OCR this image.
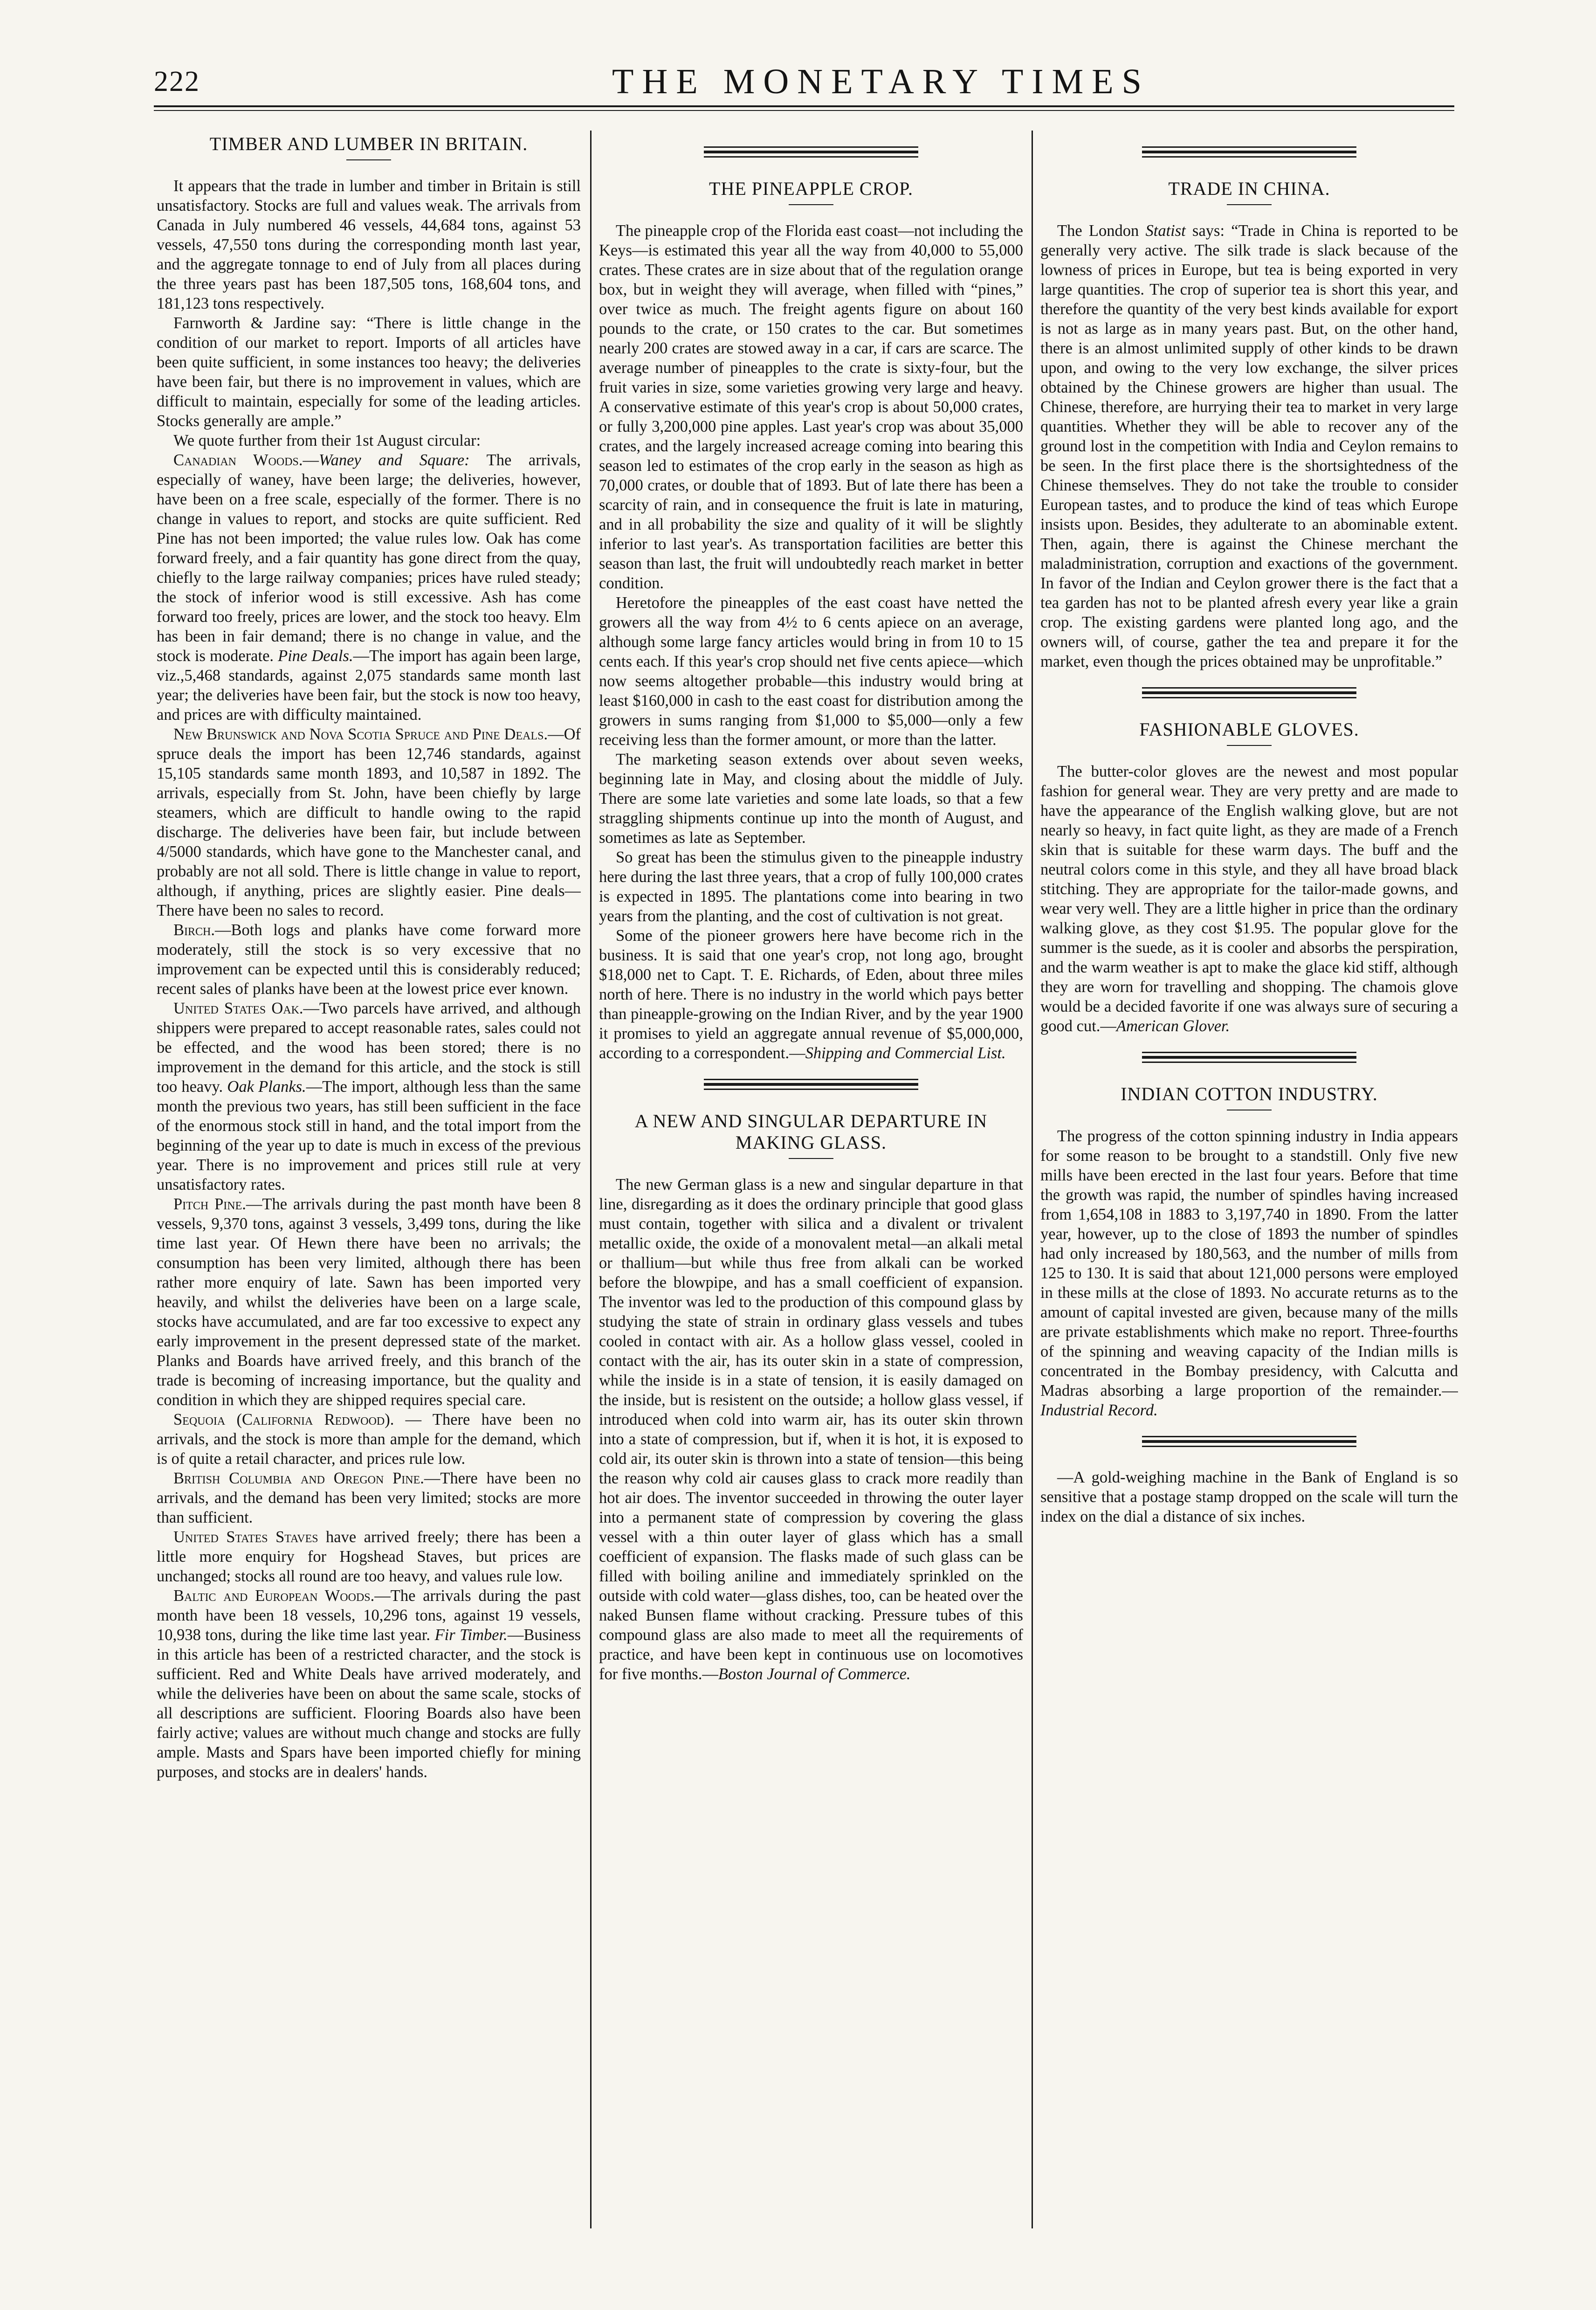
222	THE MONETARY TIMES
TIMBER AND LUMBER IN BRITAIN.

It appears that the trade in lumber and timber in Britain is still unsatisfactory. Stocks are full and values weak. The arrivals from Canada in July numbered 46 vessels, 44,684 tons, against 53 vessels, 47,550 tons during the corresponding month last year, and the aggregate tonnage to end of July from all places during the three years past has been 187,505 tons, 168,604 tons, and 181,123 tons respectively.

Farnworth & Jardine say: “There is little change in the condition of our market to report. Imports of all articles have been quite sufficient, in some instances too heavy; the deliveries have been fair, but there is no improvement in values, which are difficult to maintain, especially for some of the leading articles. Stocks generally are ample.”

We quote further from their 1st August circular:

Canadian Woods.—Waney and Square: The arrivals, especially of waney, have been large; the deliveries, however, have been on a free scale, especially of the former. There is no change in values to report, and stocks are quite sufficient. Red Pine has not been imported; the value rules low. Oak has come forward freely, and a fair quantity has gone direct from the quay, chiefly to the large railway companies; prices have ruled steady; the stock of inferior wood is still excessive. Ash has come forward too freely, prices are lower, and the stock too heavy. Elm has been in fair demand; there is no change in value, and the stock is moderate. Pine Deals.—The import has again been large, viz.,5,468 standards, against 2,075 standards same month last year; the deliveries have been fair, but the stock is now too heavy, and prices are with difficulty maintained.

New Brunswick and Nova Scotia Spruce and Pine Deals.—Of spruce deals the import has been 12,746 standards, against 15,105 standards same month 1893, and 10,587 in 1892. The arrivals, especially from St. John, have been chiefly by large steamers, which are difficult to handle owing to the rapid discharge. The deliveries have been fair, but include between 4/5000 standards, which have gone to the Manchester canal, and probably are not all sold. There is little change in value to report, although, if anything, prices are slightly easier. Pine deals—There have been no sales to record.

Birch.—Both logs and planks have come forward more moderately, still the stock is so very excessive that no improvement can be expected until this is considerably reduced; recent sales of planks have been at the lowest price ever known.

United States Oak.—Two parcels have arrived, and although shippers were prepared to accept reasonable rates, sales could not be effected, and the wood has been stored; there is no improvement in the demand for this article, and the stock is still too heavy. Oak Planks.—The import, although less than the same month the previous two years, has still been sufficient in the face of the enormous stock still in hand, and the total import from the beginning of the year up to date is much in excess of the previous year. There is no improvement and prices still rule at very unsatisfactory rates.

Pitch Pine.—The arrivals during the past month have been 8 vessels, 9,370 tons, against 3 vessels, 3,499 tons, during the like time last year. Of Hewn there have been no arrivals; the consumption has been very limited, although there has been rather more enquiry of late. Sawn has been imported very heavily, and whilst the deliveries have been on a large scale, stocks have accumulated, and are far too excessive to expect any early improvement in the present depressed state of the market. Planks and Boards have arrived freely, and this branch of the trade is becoming of increasing importance, but the quality and condition in which they are shipped requires special care.

Sequoia (California Redwood). — There have been no arrivals, and the stock is more than ample for the demand, which is of quite a retail character, and prices rule low.

British Columbia and Oregon Pine.—There have been no arrivals, and the demand has been very limited; stocks are more than sufficient.

United States Staves have arrived freely; there has been a little more enquiry for Hogshead Staves, but prices are unchanged; stocks all round are too heavy, and values rule low.

Baltic and European Woods.—The arrivals during the past month have been 18 vessels, 10,296 tons, against 19 vessels, 10,938 tons, during the like time last year. Fir Timber.—Business in this article has been of a restricted character, and the stock is sufficient. Red and White Deals have arrived moderately, and while the deliveries have been on about the same scale, stocks of all descriptions are sufficient. Flooring Boards also have been fairly active; values are without much change and stocks are fully ample. Masts and Spars have been imported chiefly for mining purposes, and stocks are in dealers' hands.

THE PINEAPPLE CROP.

The pineapple crop of the Florida east coast—not including the Keys—is estimated this year all the way from 40,000 to 55,000 crates. These crates are in size about that of the regulation orange box, but in weight they will average, when filled with “pines,” over twice as much. The freight agents figure on about 160 pounds to the crate, or 150 crates to the car. But sometimes nearly 200 crates are stowed away in a car, if cars are scarce. The average number of pineapples to the crate is sixty-four, but the fruit varies in size, some varieties growing very large and heavy. A conservative estimate of this year's crop is about 50,000 crates, or fully 3,200,000 pine apples. Last year's crop was about 35,000 crates, and the largely increased acreage coming into bearing this season led to estimates of the crop early in the season as high as 70,000 crates, or double that of 1893. But of late there has been a scarcity of rain, and in consequence the fruit is late in maturing, and in all probability the size and quality of it will be slightly inferior to last year's. As transportation facilities are better this season than last, the fruit will undoubtedly reach market in better condition.

Heretofore the pineapples of the east coast have netted the growers all the way from 4½ to 6 cents apiece on an average, although some large fancy articles would bring in from 10 to 15 cents each. If this year's crop should net five cents apiece—which now seems altogether probable—this industry would bring at least $160,000 in cash to the east coast for distribution among the growers in sums ranging from $1,000 to $5,000—only a few receiving less than the former amount, or more than the latter.

The marketing season extends over about seven weeks, beginning late in May, and closing about the middle of July. There are some late varieties and some late loads, so that a few straggling shipments continue up into the month of August, and sometimes as late as September.

So great has been the stimulus given to the pineapple industry here during the last three years, that a crop of fully 100,000 crates is expected in 1895. The plantations come into bearing in two years from the planting, and the cost of cultivation is not great.

Some of the pioneer growers here have become rich in the business. It is said that one year's crop, not long ago, brought $18,000 net to Capt. T. E. Richards, of Eden, about three miles north of here. There is no industry in the world which pays better than pineapple-growing on the Indian River, and by the year 1900 it promises to yield an aggregate annual revenue of $5,000,000, according to a correspondent.—Shipping and Commercial List.

A NEW AND SINGULAR DEPARTURE IN MAKING GLASS.

The new German glass is a new and singular departure in that line, disregarding as it does the ordinary principle that good glass must contain, together with silica and a divalent or trivalent metallic oxide, the oxide of a monovalent metal—an alkali metal or thallium—but while thus free from alkali can be worked before the blowpipe, and has a small coefficient of expansion. The inventor was led to the production of this compound glass by studying the state of strain in ordinary glass vessels and tubes cooled in contact with air. As a hollow glass vessel, cooled in contact with the air, has its outer skin in a state of compression, while the inside is in a state of tension, it is easily damaged on the inside, but is resistent on the outside; a hollow glass vessel, if introduced when cold into warm air, has its outer skin thrown into a state of compression, but if, when it is hot, it is exposed to cold air, its outer skin is thrown into a state of tension—this being the reason why cold air causes glass to crack more readily than hot air does. The inventor succeeded in throwing the outer layer into a permanent state of compression by covering the glass vessel with a thin outer layer of glass which has a small coefficient of expansion. The flasks made of such glass can be filled with boiling aniline and immediately sprinkled on the outside with cold water—glass dishes, too, can be heated over the naked Bunsen flame without cracking. Pressure tubes of this compound glass are also made to meet all the requirements of practice, and have been kept in continuous use on locomotives for five months.—Boston Journal of Commerce.

TRADE IN CHINA.

The London Statist says: “Trade in China is reported to be generally very active. The silk trade is slack because of the lowness of prices in Europe, but tea is being exported in very large quantities. The crop of superior tea is short this year, and therefore the quantity of the very best kinds available for export is not as large as in many years past. But, on the other hand, there is an almost unlimited supply of other kinds to be drawn upon, and owing to the very low exchange, the silver prices obtained by the Chinese growers are higher than usual. The Chinese, therefore, are hurrying their tea to market in very large quantities. Whether they will be able to recover any of the ground lost in the competition with India and Ceylon remains to be seen. In the first place there is the shortsightedness of the Chinese themselves. They do not take the trouble to consider European tastes, and to produce the kind of teas which Europe insists upon. Besides, they adulterate to an abominable extent. Then, again, there is against the Chinese merchant the maladministration, corruption and exactions of the government. In favor of the Indian and Ceylon grower there is the fact that a tea garden has not to be planted afresh every year like a grain crop. The existing gardens were planted long ago, and the owners will, of course, gather the tea and prepare it for the market, even though the prices obtained may be unprofitable.”

FASHIONABLE GLOVES.

The butter-color gloves are the newest and most popular fashion for general wear. They are very pretty and are made to have the appearance of the English walking glove, but are not nearly so heavy, in fact quite light, as they are made of a French skin that is suitable for these warm days. The buff and the neutral colors come in this style, and they all have broad black stitching. They are appropriate for the tailor-made gowns, and wear very well. They are a little higher in price than the ordinary walking glove, as they cost $1.95. The popular glove for the summer is the suede, as it is cooler and absorbs the perspiration, and the warm weather is apt to make the glace kid stiff, although they are worn for travelling and shopping. The chamois glove would be a decided favorite if one was always sure of securing a good cut.—American Glover.

INDIAN COTTON INDUSTRY.

The progress of the cotton spinning industry in India appears for some reason to be brought to a standstill. Only five new mills have been erected in the last four years. Before that time the growth was rapid, the number of spindles having increased from 1,654,108 in 1883 to 3,197,740 in 1890. From the latter year, however, up to the close of 1893 the number of spindles had only increased by 180,563, and the number of mills from 125 to 130. It is said that about 121,000 persons were employed in these mills at the close of 1893. No accurate returns as to the amount of capital invested are given, because many of the mills are private establishments which make no report. Three-fourths of the spinning and weaving capacity of the Indian mills is concentrated in the Bombay presidency, with Calcutta and Madras absorbing a large proportion of the remainder.—Industrial Record.

—A gold-weighing machine in the Bank of England is so sensitive that a postage stamp dropped on the scale will turn the index on the dial a distance of six inches.
